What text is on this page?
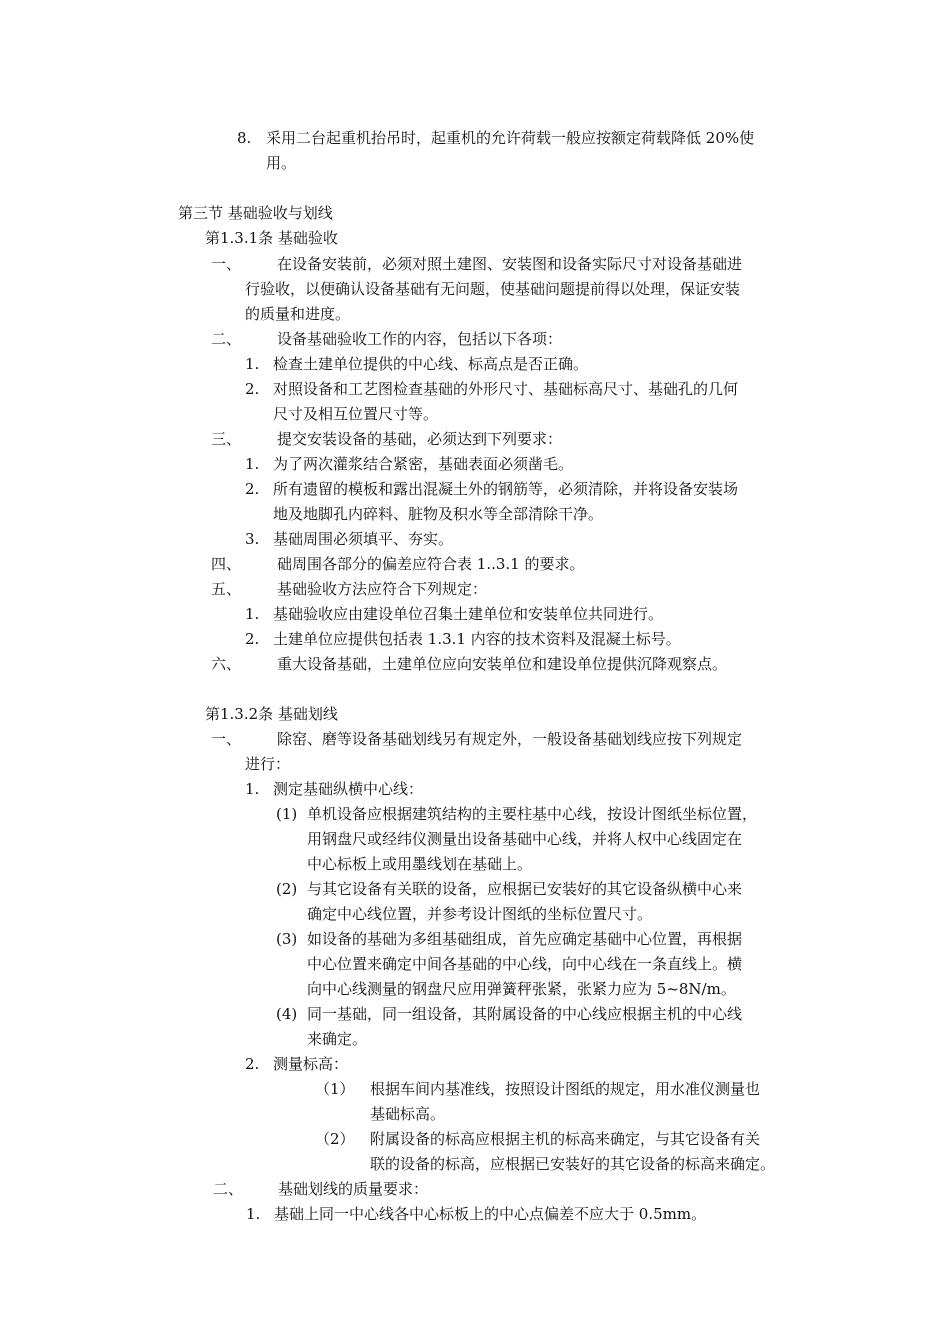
8. 采用二台起重机抬吊时，起重机的允许荷载一般应按额定荷载降低 20%使
用。
第三节 基础验收与划线
第1.3.1条 基础验收
一、 在设备安装前，必须对照土建图、安装图和设备实际尺寸对设备基础进
行验收，以便确认设备基础有无问题，使基础问题提前得以处理，保证安装
的质量和进度。
二、 设备基础验收工作的内容，包括以下各项：
1. 检查土建单位提供的中心线、标高点是否正确。
2. 对照设备和工艺图检查基础的外形尺寸、基础标高尺寸、基础孔的几何
尺寸及相互位置尺寸等。
三、 提交安装设备的基础，必须达到下列要求：
1. 为了两次灌浆结合紧密，基础表面必须凿毛。
2. 所有遗留的模板和露出混凝土外的钢筋等，必须清除，并将设备安装场
地及地脚孔内碎料、脏物及积水等全部清除干净。
3. 基础周围必须填平、夯实。
四、 础周围各部分的偏差应符合表 1..3.1 的要求。
五、 基础验收方法应符合下列规定：
1. 基础验收应由建设单位召集土建单位和安装单位共同进行。
2. 土建单位应提供包括表 1.3.1 内容的技术资料及混凝土标号。
六、 重大设备基础，土建单位应向安装单位和建设单位提供沉降观察点。
第1.3.2条 基础划线
一、 除窑、磨等设备基础划线另有规定外，一般设备基础划线应按下列规定
进行：
1. 测定基础纵横中心线：
(1) 单机设备应根据建筑结构的主要柱基中心线，按设计图纸坐标位置，
用钢盘尺或经纬仪测量出设备基础中心线，并将人权中心线固定在
中心标板上或用墨线划在基础上。
(2) 与其它设备有关联的设备，应根据已安装好的其它设备纵横中心来
确定中心线位置，并参考设计图纸的坐标位置尺寸。
(3) 如设备的基础为多组基础组成，首先应确定基础中心位置，再根据
中心位置来确定中间各基础的中心线，向中心线在一条直线上。横
向中心线测量的钢盘尺应用弹簧秤张紧，张紧力应为 5~8N/m。
(4) 同一基础，同一组设备，其附属设备的中心线应根据主机的中心线
来确定。
2. 测量标高：
（1） 根据车间内基准线，按照设计图纸的规定，用水准仪测量也
基础标高。
（2） 附属设备的标高应根据主机的标高来确定，与其它设备有关
联的设备的标高，应根据已安装好的其它设备的标高来确定。
二、 基础划线的质量要求：
1. 基础上同一中心线各中心标板上的中心点偏差不应大于 0.5mm。
